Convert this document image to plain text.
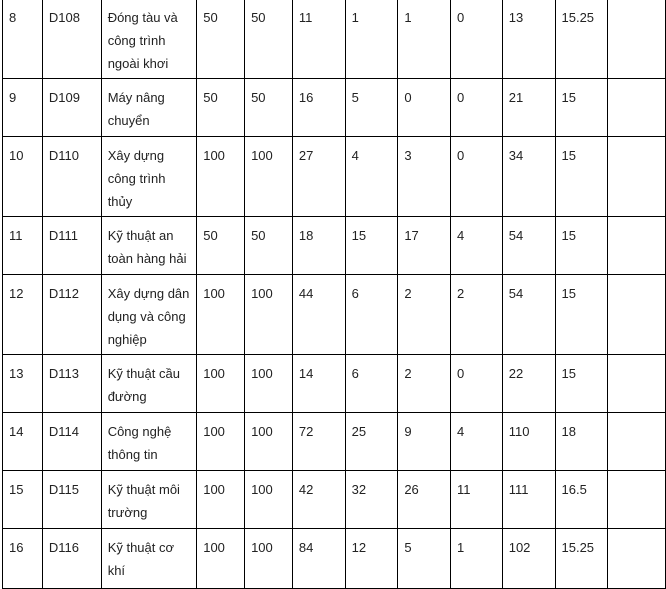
8	D108	Đóng tàu và công trình ngoài khơi	50	50	11	1	1	0	13	15.25	
9	D109	Máy nâng chuyển	50	50	16	5	0	0	21	15	
10	D110	Xây dựng công trình thủy	100	100	27	4	3	0	34	15	
11	D111	Kỹ thuật an toàn hàng hải	50	50	18	15	17	4	54	15	
12	D112	Xây dựng dân dụng và công nghiệp	100	100	44	6	2	2	54	15	
13	D113	Kỹ thuật cầu đường	100	100	14	6	2	0	22	15	
14	D114	Công nghệ thông tin	100	100	72	25	9	4	110	18	
15	D115	Kỹ thuật môi trường	100	100	42	32	26	11	111	16.5	
16	D116	Kỹ thuật cơ khí	100	100	84	12	5	1	102	15.25	
